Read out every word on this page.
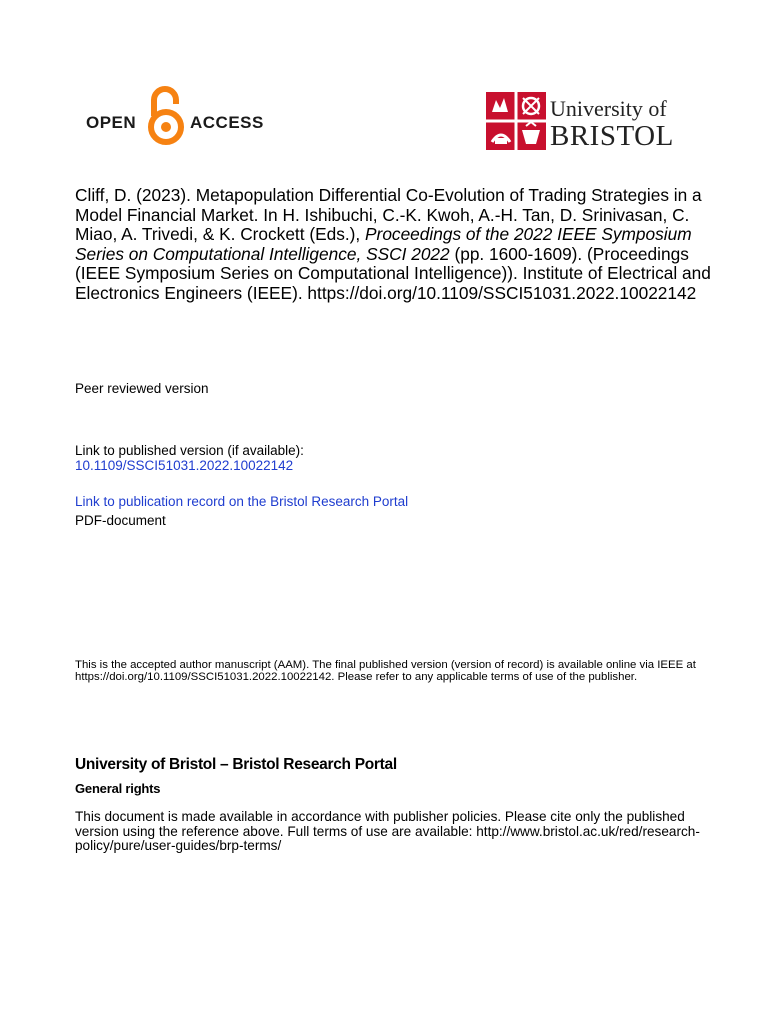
OPEN	ACCESS
University of
BRISTOL
Cliff, D. (2023). Metapopulation Differential Co-Evolution of Trading Strategies in a Model Financial Market. In H. Ishibuchi, C.-K. Kwoh, A.-H. Tan, D. Srinivasan, C. Miao, A. Trivedi, & K. Crockett (Eds.), Proceedings of the 2022 IEEE Symposium Series on Computational Intelligence, SSCI 2022 (pp. 1600-1609). (Proceedings (IEEE Symposium Series on Computational Intelligence)). Institute of Electrical and Electronics Engineers (IEEE). https://doi.org/10.1109/SSCI51031.2022.10022142
Peer reviewed version
Link to published version (if available):
10.1109/SSCI51031.2022.10022142
Link to publication record on the Bristol Research Portal
PDF-document
This is the accepted author manuscript (AAM). The final published version (version of record) is available online via IEEE at https://doi.org/10.1109/SSCI51031.2022.10022142. Please refer to any applicable terms of use of the publisher.
University of Bristol – Bristol Research Portal
General rights
This document is made available in accordance with publisher policies. Please cite only the published version using the reference above. Full terms of use are available: http://www.bristol.ac.uk/red/research-policy/pure/user-guides/brp-terms/
